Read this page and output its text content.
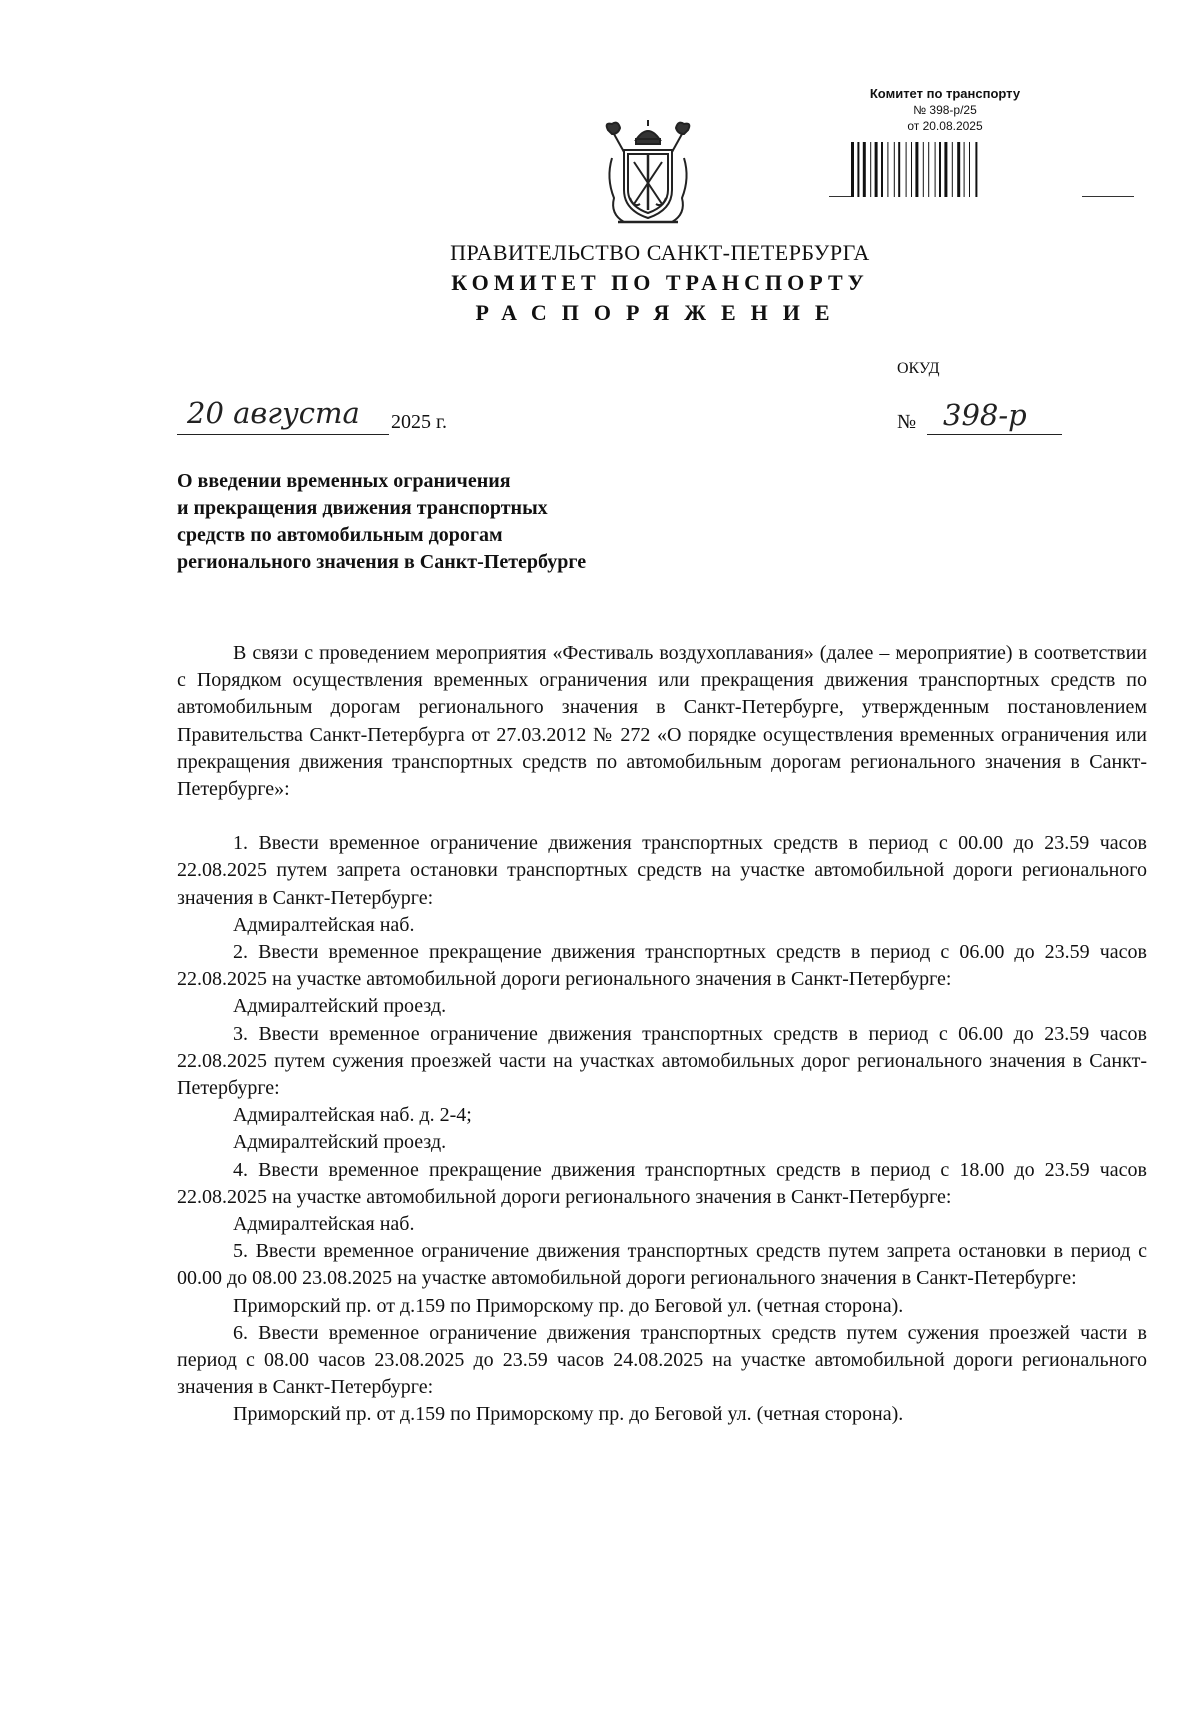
Комитет по транспорту
№ 398-р/25
от 20.08.2025
ПРАВИТЕЛЬСТВО САНКТ-ПЕТЕРБУРГА
КОМИТЕТ ПО ТРАНСПОРТУ
РАСПОРЯЖЕНИЕ
ОКУД
20 августа 2025 г.	№ 398-р
О введении временных ограничения
и прекращения движения транспортных
средств по автомобильным дорогам
регионального значения в Санкт-Петербурге

В связи с проведением мероприятия «Фестиваль воздухоплавания» (далее – мероприятие) в соответствии с Порядком осуществления временных ограничения или прекращения движения транспортных средств по автомобильным дорогам регионального значения в Санкт-Петербурге, утвержденным постановлением Правительства Санкт-Петербурга от 27.03.2012 № 272 «О порядке осуществления временных ограничения или прекращения движения транспортных средств по автомобильным дорогам регионального значения в Санкт-Петербурге»:

1. Ввести временное ограничение движения транспортных средств в период с 00.00 до 23.59 часов 22.08.2025 путем запрета остановки транспортных средств на участке автомобильной дороги регионального значения в Санкт-Петербурге:

Адмиралтейская наб.

2. Ввести временное прекращение движения транспортных средств в период с 06.00 до 23.59 часов 22.08.2025 на участке автомобильной дороги регионального значения в Санкт-Петербурге:

Адмиралтейский проезд.

3. Ввести временное ограничение движения транспортных средств в период с 06.00 до 23.59 часов 22.08.2025 путем сужения проезжей части на участках автомобильных дорог регионального значения в Санкт-Петербурге:

Адмиралтейская наб. д. 2-4;

Адмиралтейский проезд.

4. Ввести временное прекращение движения транспортных средств в период с 18.00 до 23.59 часов 22.08.2025 на участке автомобильной дороги регионального значения в Санкт-Петербурге:

Адмиралтейская наб.

5. Ввести временное ограничение движения транспортных средств путем запрета остановки в период с 00.00 до 08.00 23.08.2025 на участке автомобильной дороги регионального значения в Санкт-Петербурге:

Приморский пр. от д.159 по Приморскому пр. до Беговой ул. (четная сторона).

6. Ввести временное ограничение движения транспортных средств путем сужения проезжей части в период с 08.00 часов 23.08.2025 до 23.59 часов 24.08.2025 на участке автомобильной дороги регионального значения в Санкт-Петербурге:

Приморский пр. от д.159 по Приморскому пр. до Беговой ул. (четная сторона).
